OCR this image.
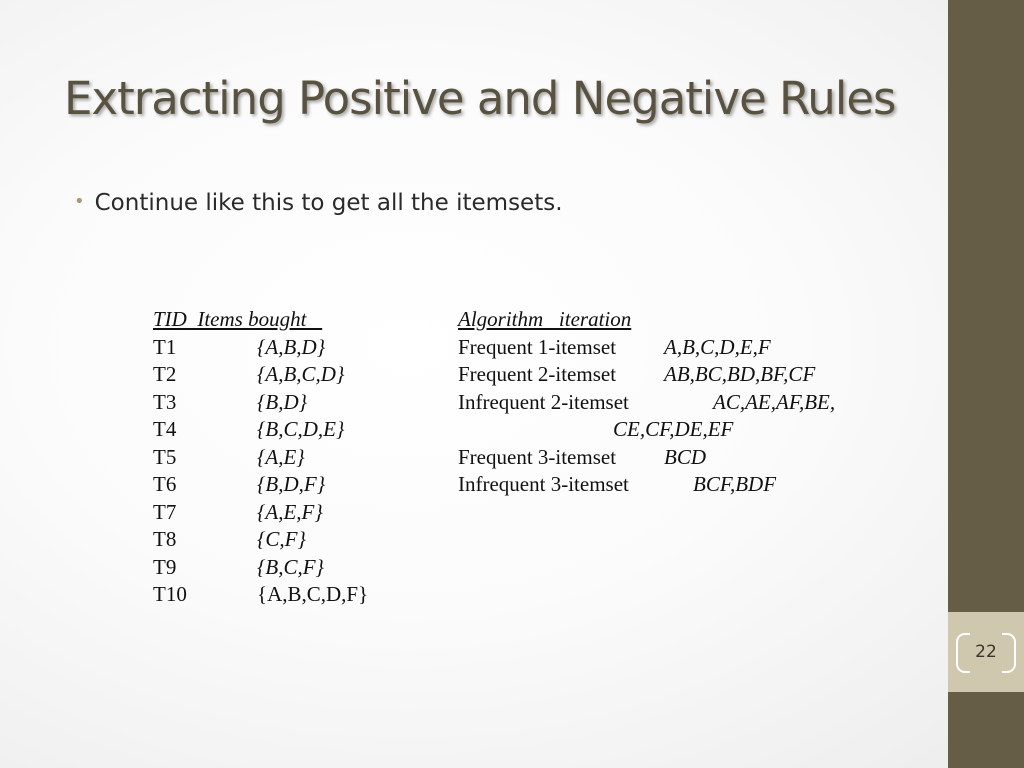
22
Extracting Positive and Negative Rules
• Continue like this to get all the itemsets.
TID  Items bought
T1	{A,B,D}
T2	{A,B,C,D}
T3	{B,D}
T4	{B,C,D,E}
T5	{A,E}
T6	{B,D,F}
T7	{A,E,F}
T8	{C,F}
T9	{B,C,F}
T10	{A,B,C,D,F}
Algorithm   iteration
Frequent 1-itemset A,B,C,D,E,F
Frequent 2-itemset AB,BC,BD,BF,CF
Infrequent 2-itemset	AC,AE,AF,BE,
CE,CF,DE,EF
Frequent 3-itemset BCD
Infrequent 3-itemset	BCF,BDF
